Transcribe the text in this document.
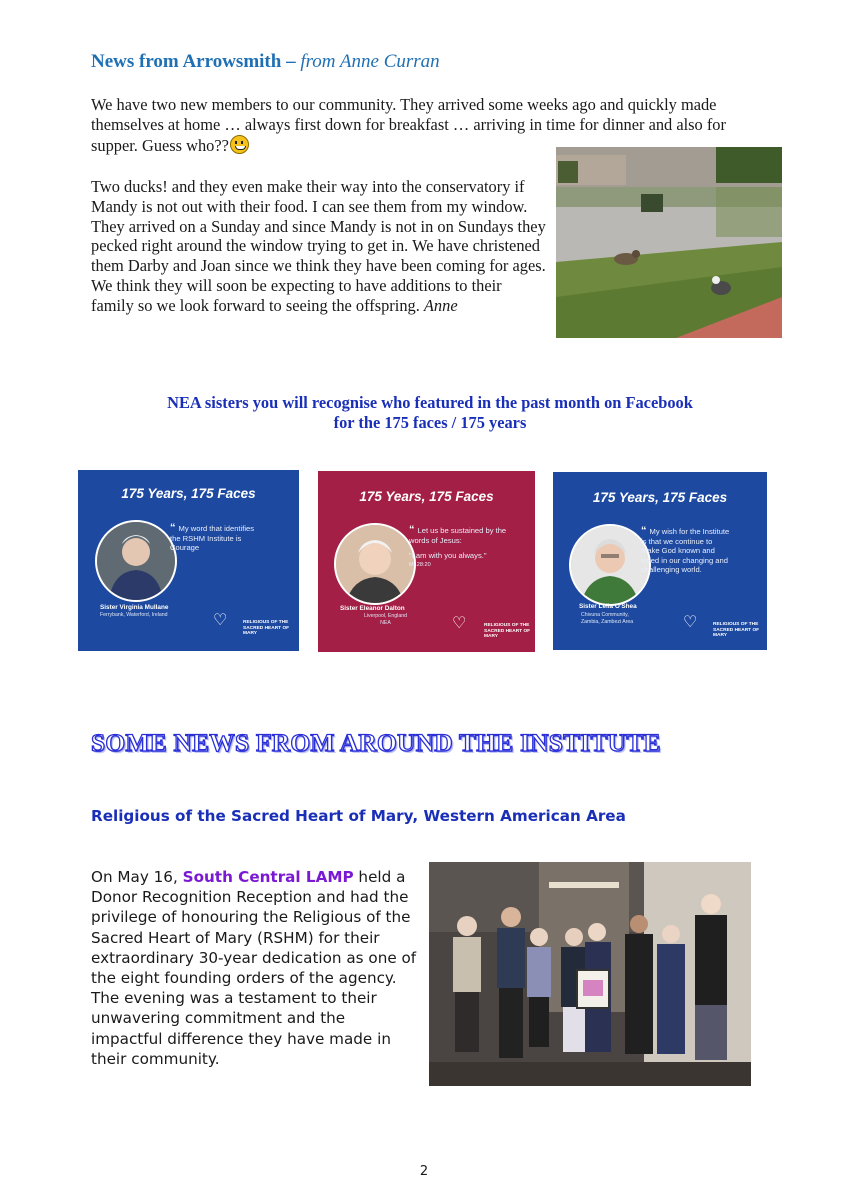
News from Arrowsmith – from Anne Curran
We have two new members to our community. They arrived some weeks ago and quickly made themselves at home … always first down for breakfast … arriving in time for dinner and also for supper. Guess who??
Two ducks! and they even make their way into the conservatory if Mandy is not out with their food. I can see them from my window. They arrived on a Sunday and since Mandy is not in on Sundays they pecked right around the window trying to get in. We have christened them Darby and Joan since we think they have been coming for ages. We think they will soon be expecting to have additions to their family so we look forward to seeing the offspring. Anne
NEA sisters you will recognise who featured in the past month on Facebook
for the 175 faces / 175 years
175 Years, 175 Faces
“ My word that identifies the RSHM Institute is Courage
Sister Virginia Mullane
Ferrybank, Waterford, Ireland	♡	RELIGIOUS OF THE SACRED HEART OF MARY
175 Years, 175 Faces
“ Let us be sustained by the words of Jesus:
"I am with you always."
Mt.28:20
Sister Eleanor Dalton
Liverpool, England
NEA	♡	RELIGIOUS OF THE SACRED HEART OF MARY
175 Years, 175 Faces
“ My wish for the Institute is that we continue to make God known and loved in our changing and challenging world.
Sister Leila O'Shea
Chivuna Community,
Zambia, Zambezi Area	♡	RELIGIOUS OF THE SACRED HEART OF MARY
SOME NEWS FROM AROUND THE INSTITUTE
Religious of the Sacred Heart of Mary, Western American Area
On May 16, South Central LAMP held a Donor Recognition Reception and had the privilege of honouring the Religious of the Sacred Heart of Mary (RSHM) for their extraordinary 30-year dedication as one of the eight founding orders of the agency. The evening was a testament to their unwavering commitment and the impactful difference they have made in their community.
2
